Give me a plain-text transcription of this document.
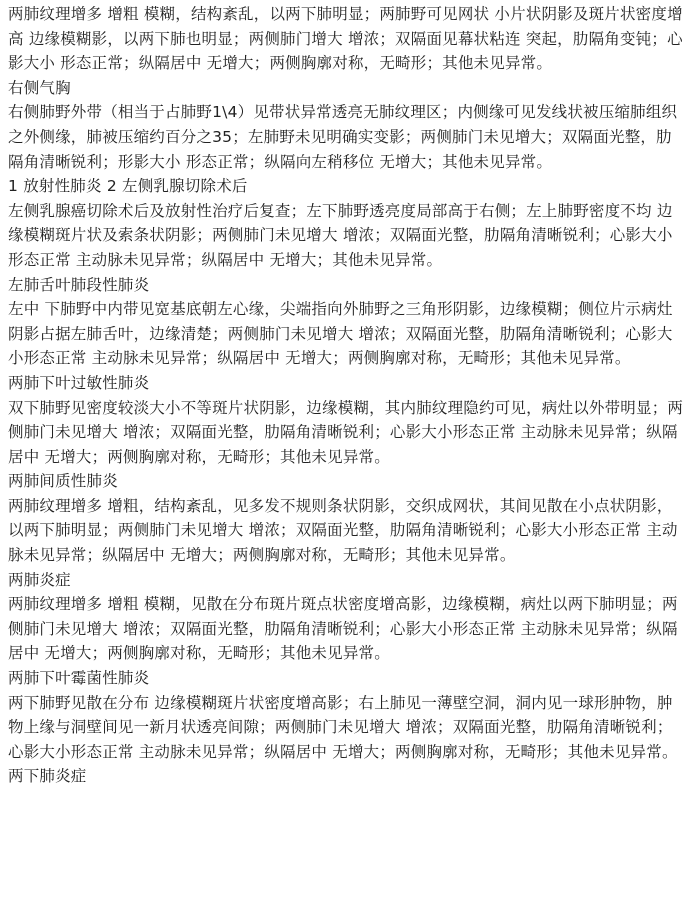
两肺纹理增多 增粗 模糊，结构紊乱，以两下肺明显；两肺野可见网状 小片状阴影及斑片状密度增高 边缘模糊影，以两下肺也明显；两侧肺门增大 增浓；双隔面见幕状粘连 突起，肋隔角变钝；心影大小 形态正常；纵隔居中 无增大；两侧胸廓对称，无畸形；其他未见异常。

右侧气胸

右侧肺野外带（相当于占肺野1\4）见带状异常透亮无肺纹理区；内侧缘可见发线状被压缩肺组织之外侧缘，肺被压缩约百分之35；左肺野未见明确实变影；两侧肺门未见增大；双隔面光整，肋隔角清晰锐利；形影大小 形态正常；纵隔向左稍移位 无增大；其他未见异常。

1 放射性肺炎 2 左侧乳腺切除术后

左侧乳腺癌切除术后及放射性治疗后复查；左下肺野透亮度局部高于右侧；左上肺野密度不均 边缘模糊斑片状及索条状阴影；两侧肺门未见增大 增浓；双隔面光整，肋隔角清晰锐利；心影大小形态正常 主动脉未见异常；纵隔居中 无增大；其他未见异常。

左肺舌叶肺段性肺炎

左中 下肺野中内带见宽基底朝左心缘，尖端指向外肺野之三角形阴影，边缘模糊；侧位片示病灶阴影占据左肺舌叶，边缘清楚；两侧肺门未见增大 增浓；双隔面光整，肋隔角清晰锐利；心影大小形态正常 主动脉未见异常；纵隔居中 无增大；两侧胸廓对称，无畸形；其他未见异常。

两肺下叶过敏性肺炎

双下肺野见密度较淡大小不等斑片状阴影，边缘模糊，其内肺纹理隐约可见，病灶以外带明显；两侧肺门未见增大 增浓；双隔面光整，肋隔角清晰锐利；心影大小形态正常 主动脉未见异常；纵隔居中 无增大；两侧胸廓对称，无畸形；其他未见异常。

两肺间质性肺炎

两肺纹理增多 增粗，结构紊乱，见多发不规则条状阴影，交织成网状，其间见散在小点状阴影，以两下肺明显；两侧肺门未见增大 增浓；双隔面光整，肋隔角清晰锐利；心影大小形态正常 主动脉未见异常；纵隔居中 无增大；两侧胸廓对称，无畸形；其他未见异常。

两肺炎症

两肺纹理增多 增粗 模糊，见散在分布斑片斑点状密度增高影，边缘模糊，病灶以两下肺明显；两侧肺门未见增大 增浓；双隔面光整，肋隔角清晰锐利；心影大小形态正常 主动脉未见异常；纵隔居中 无增大；两侧胸廓对称，无畸形；其他未见异常。

两肺下叶霉菌性肺炎

两下肺野见散在分布 边缘模糊斑片状密度增高影；右上肺见一薄壁空洞，洞内见一球形肿物，肿物上缘与洞壁间见一新月状透亮间隙；两侧肺门未见增大 增浓；双隔面光整，肋隔角清晰锐利；心影大小形态正常 主动脉未见异常；纵隔居中 无增大；两侧胸廓对称，无畸形；其他未见异常。

两下肺炎症
